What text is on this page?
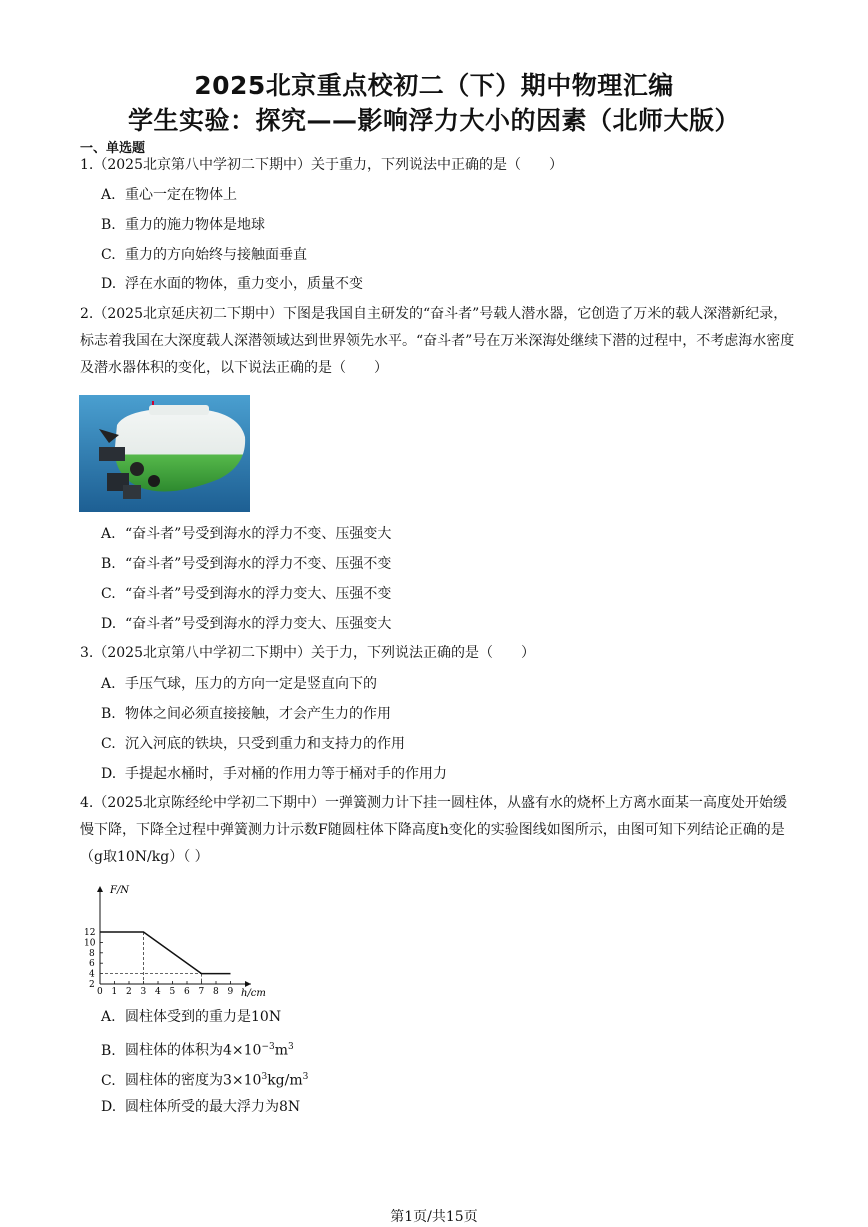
2025北京重点校初二（下）期中物理汇编
学生实验：探究——影响浮力大小的因素（北师大版）
一、单选题
1.（2025北京第八中学初二下期中）关于重力，下列说法中正确的是（　　）
A. 重心一定在物体上
B. 重力的施力物体是地球
C. 重力的方向始终与接触面垂直
D. 浮在水面的物体，重力变小，质量不变
2.（2025北京延庆初二下期中）下图是我国自主研发的“奋斗者”号载人潜水器，它创造了万米的载人深潜新纪录，标志着我国在大深度载人深潜领域达到世界领先水平。“奋斗者”号在万米深海处继续下潜的过程中，不考虑海水密度及潜水器体积的变化，以下说法正确的是（　　）
A. “奋斗者”号受到海水的浮力不变、压强变大
B. “奋斗者”号受到海水的浮力不变、压强不变
C. “奋斗者”号受到海水的浮力变大、压强不变
D. “奋斗者”号受到海水的浮力变大、压强变大
3.（2025北京第八中学初二下期中）关于力，下列说法正确的是（　　）
A. 手压气球，压力的方向一定是竖直向下的
B. 物体之间必须直接接触，才会产生力的作用
C. 沉入河底的铁块，只受到重力和支持力的作用
D. 手提起水桶时，手对桶的作用力等于桶对手的作用力
4.（2025北京陈经纶中学初二下期中）一弹簧测力计下挂一圆柱体，从盛有水的烧杯上方离水面某一高度处开始缓慢下降，下降全过程中弹簧测力计示数F随圆柱体下降高度h变化的实验图线如图所示，由图可知下列结论正确的是（g取10N/kg）（ ）
F/N
h/cm
0 1 2 3 4 5 6 7 8 9
2
4
6
8
10
12
A. 圆柱体受到的重力是10N
B. 圆柱体的体积为$4\times 10^{-3}m^3$
C. 圆柱体的密度为$3\times 10^3kg/m^3$
D. 圆柱体所受的最大浮力为8N
第1页/共15页
